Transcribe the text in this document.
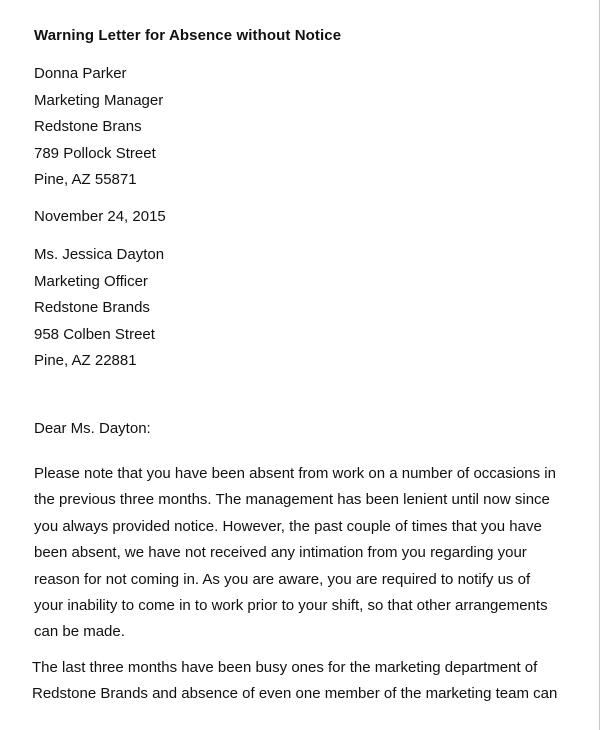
Warning Letter for Absence without Notice
Donna Parker
Marketing Manager
Redstone Brans
789 Pollock Street
Pine, AZ 55871
November 24, 2015
Ms. Jessica Dayton
Marketing Officer
Redstone Brands
958 Colben Street
Pine, AZ 22881
Dear Ms. Dayton:
Please note that you have been absent from work on a number of occasions in
the previous three months. The management has been lenient until now since
you always provided notice. However, the past couple of times that you have
been absent, we have not received any intimation from you regarding your
reason for not coming in. As you are aware, you are required to notify us of
your inability to come in to work prior to your shift, so that other arrangements
can be made.
The last three months have been busy ones for the marketing department of
Redstone Brands and absence of even one member of the marketing team can
